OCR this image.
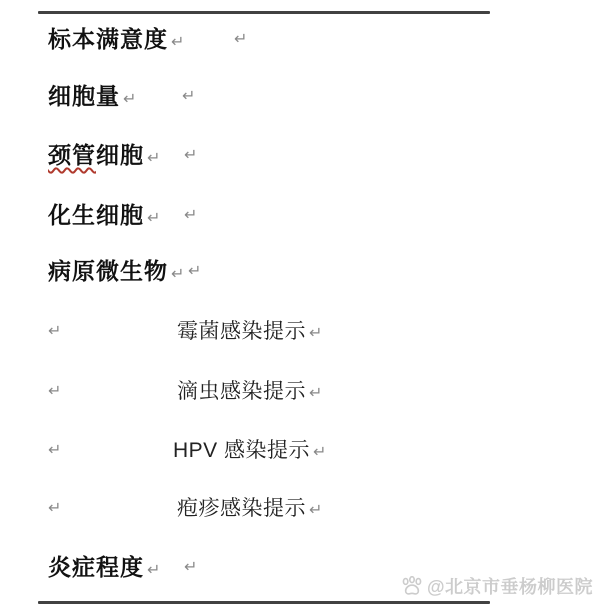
标本满意度 ↵	↵
细胞量 ↵	↵
颈管细胞 ↵ ↵
化生细胞 ↵ ↵
病原微生物 ↵ ↵
↵	霉菌感染提示 ↵
↵	滴虫感染提示 ↵
↵	HPV 感染提示 ↵
↵	疱疹感染提示 ↵
炎症程度 ↵ ↵
@北京市垂杨柳医院
